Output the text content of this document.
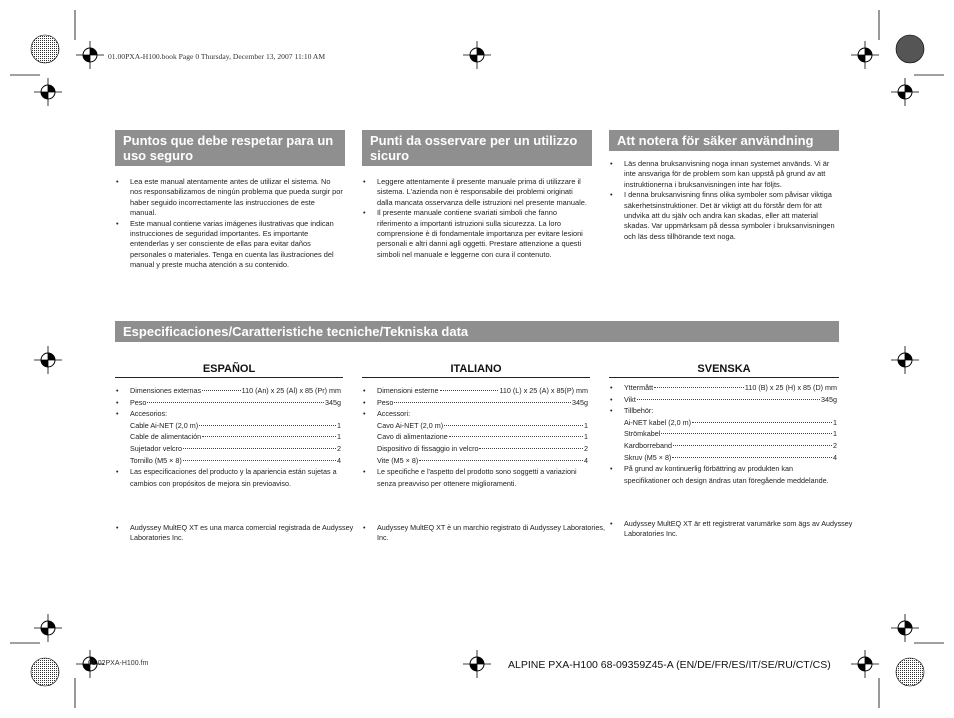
01.00PXA-H100.book Page 0 Thursday, December 13, 2007 11:10 AM
Puntos que debe respetar para un uso seguro
Punti da osservare per un utilizzo sicuro
Att notera för säker användning
• Lea este manual atentamente antes de utilizar el sistema. No nos responsabilizamos de ningún problema que pueda surgir por haber seguido incorrectamente las instrucciones de este manual.
• Este manual contiene varias imágenes ilustrativas que indican instrucciones de seguridad importantes. Es importante entenderlas y ser consciente de ellas para evitar daños personales o materiales. Tenga en cuenta las ilustraciones del manual y preste mucha atención a su contenido.
• Leggere attentamente il presente manuale prima di utilizzare il sistema. L'azienda non è responsabile dei problemi originati dalla mancata osservanza delle istruzioni nel presente manuale.
• Il presente manuale contiene svariati simboli che fanno riferimento a importanti istruzioni sulla sicurezza. La loro comprensione è di fondamentale importanza per evitare lesioni personali e altri danni agli oggetti. Prestare attenzione a questi simboli nel manuale e leggerne con cura il contenuto.
• Läs denna bruksanvisning noga innan systemet används. Vi är inte ansvariga för de problem som kan uppstå på grund av att instruktionerna i bruksanvisningen inte har följts.
• I denna bruksanvisning finns olika symboler som påvisar viktiga säkerhetsinstruktioner. Det är viktigt att du förstår dem för att undvika att du själv och andra kan skadas, eller att material skadas. Var uppmärksam på dessa symboler i bruksanvisningen och läs dess tillhörande text noga.
Especificaciones/Caratteristiche tecniche/Tekniska data
ESPAÑOL
• Dimensiones externas	110 (An) x 25 (Al) x 85 (Pr) mm
• Peso	345g
• Accesorios:
Cable Ai-NET (2,0 m)	1
Cable de alimentación	1
Sujetador velcro	2
Tornillo (M5 × 8)	4
• Las especificaciones del producto y la apariencia están sujetas a cambios con propósitos de mejora sin previoaviso.
• Audyssey MultEQ XT es una marca comercial registrada de Audyssey Laboratories Inc.
ITALIANO
• Dimensioni esterne	110 (L) x 25 (A) x 85(P) mm
• Peso	345g
• Accessori:
Cavo Ai-NET (2,0 m)	1
Cavo di alimentazione	1
Dispositivo di fissaggio in velcro	2
Vite (M5 × 8)	4
• Le specifiche e l'aspetto del prodotto sono soggetti a variazioni senza preavviso per ottenere miglioramenti.
• Audyssey MultEQ XT è un marchio registrato di Audyssey Laboratories, Inc.
SVENSKA
• Yttermått	110 (B) x 25 (H) x 85 (D) mm
• Vikt	345g
• Tillbehör:
Ai-NET kabel (2,0 m)	1
Strömkabel	1
Kardborreband	2
Skruv (M5 × 8)	4
• På grund av kontinuerlig förbättring av produkten kan specifikationer och design ändras utan föregående meddelande.
• Audyssey MultEQ XT är ett registrerat varumärke som ägs av Audyssey Laboratories Inc.
01.02PXA-H100.fm	ALPINE PXA-H100 68-09359Z45-A (EN/DE/FR/ES/IT/SE/RU/CT/CS)
